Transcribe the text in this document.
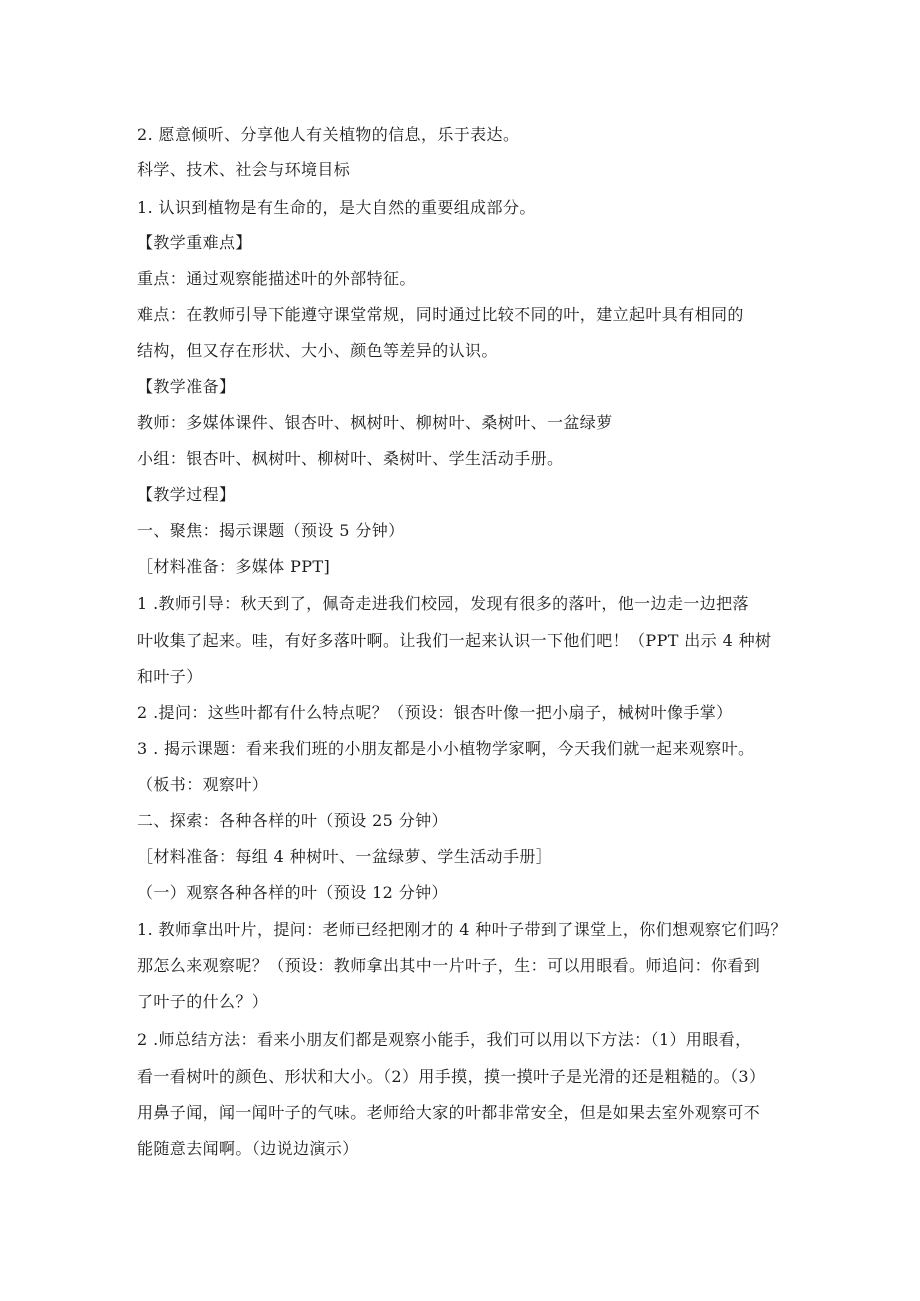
2. 愿意倾听、分享他人有关植物的信息，乐于表达。
科学、技术、社会与环境目标
1. 认识到植物是有生命的，是大自然的重要组成部分。
【教学重难点】
重点：通过观察能描述叶的外部特征。
难点：在教师引导下能遵守课堂常规，同时通过比较不同的叶，建立起叶具有相同的
结构，但又存在形状、大小、颜色等差异的认识。
【教学准备】
教师：多媒体课件、银杏叶、枫树叶、柳树叶、桑树叶、一盆绿萝
小组：银杏叶、枫树叶、柳树叶、桑树叶、学生活动手册。
【教学过程】
一、聚焦：揭示课题（预设 5 分钟）
［材料准备：多媒体 PPT]
1 .教师引导：秋天到了，佩奇走进我们校园，发现有很多的落叶，他一边走一边把落
叶收集了起来。哇，有好多落叶啊。让我们一起来认识一下他们吧！（PPT 出示 4 种树
和叶子）
2 .提问：这些叶都有什么特点呢？（预设：银杏叶像一把小扇子，械树叶像手掌）
3 . 揭示课题：看来我们班的小朋友都是小小植物学家啊，今天我们就一起来观察叶。
（板书：观察叶）
二、探索：各种各样的叶（预设 25 分钟）
［材料准备：每组 4 种树叶、一盆绿萝、学生活动手册］
（一）观察各种各样的叶（预设 12 分钟）
1. 教师拿出叶片，提问：老师已经把刚才的 4 种叶子带到了课堂上，你们想观察它们吗？
那怎么来观察呢？（预设：教师拿出其中一片叶子，生：可以用眼看。师追问：你看到
了叶子的什么？）
2 .师总结方法：看来小朋友们都是观察小能手，我们可以用以下方法：（1）用眼看，
看一看树叶的颜色、形状和大小。（2）用手摸，摸一摸叶子是光滑的还是粗糙的。（3）
用鼻子闻，闻一闻叶子的气味。老师给大家的叶都非常安全，但是如果去室外观察可不
能随意去闻啊。（边说边演示）
